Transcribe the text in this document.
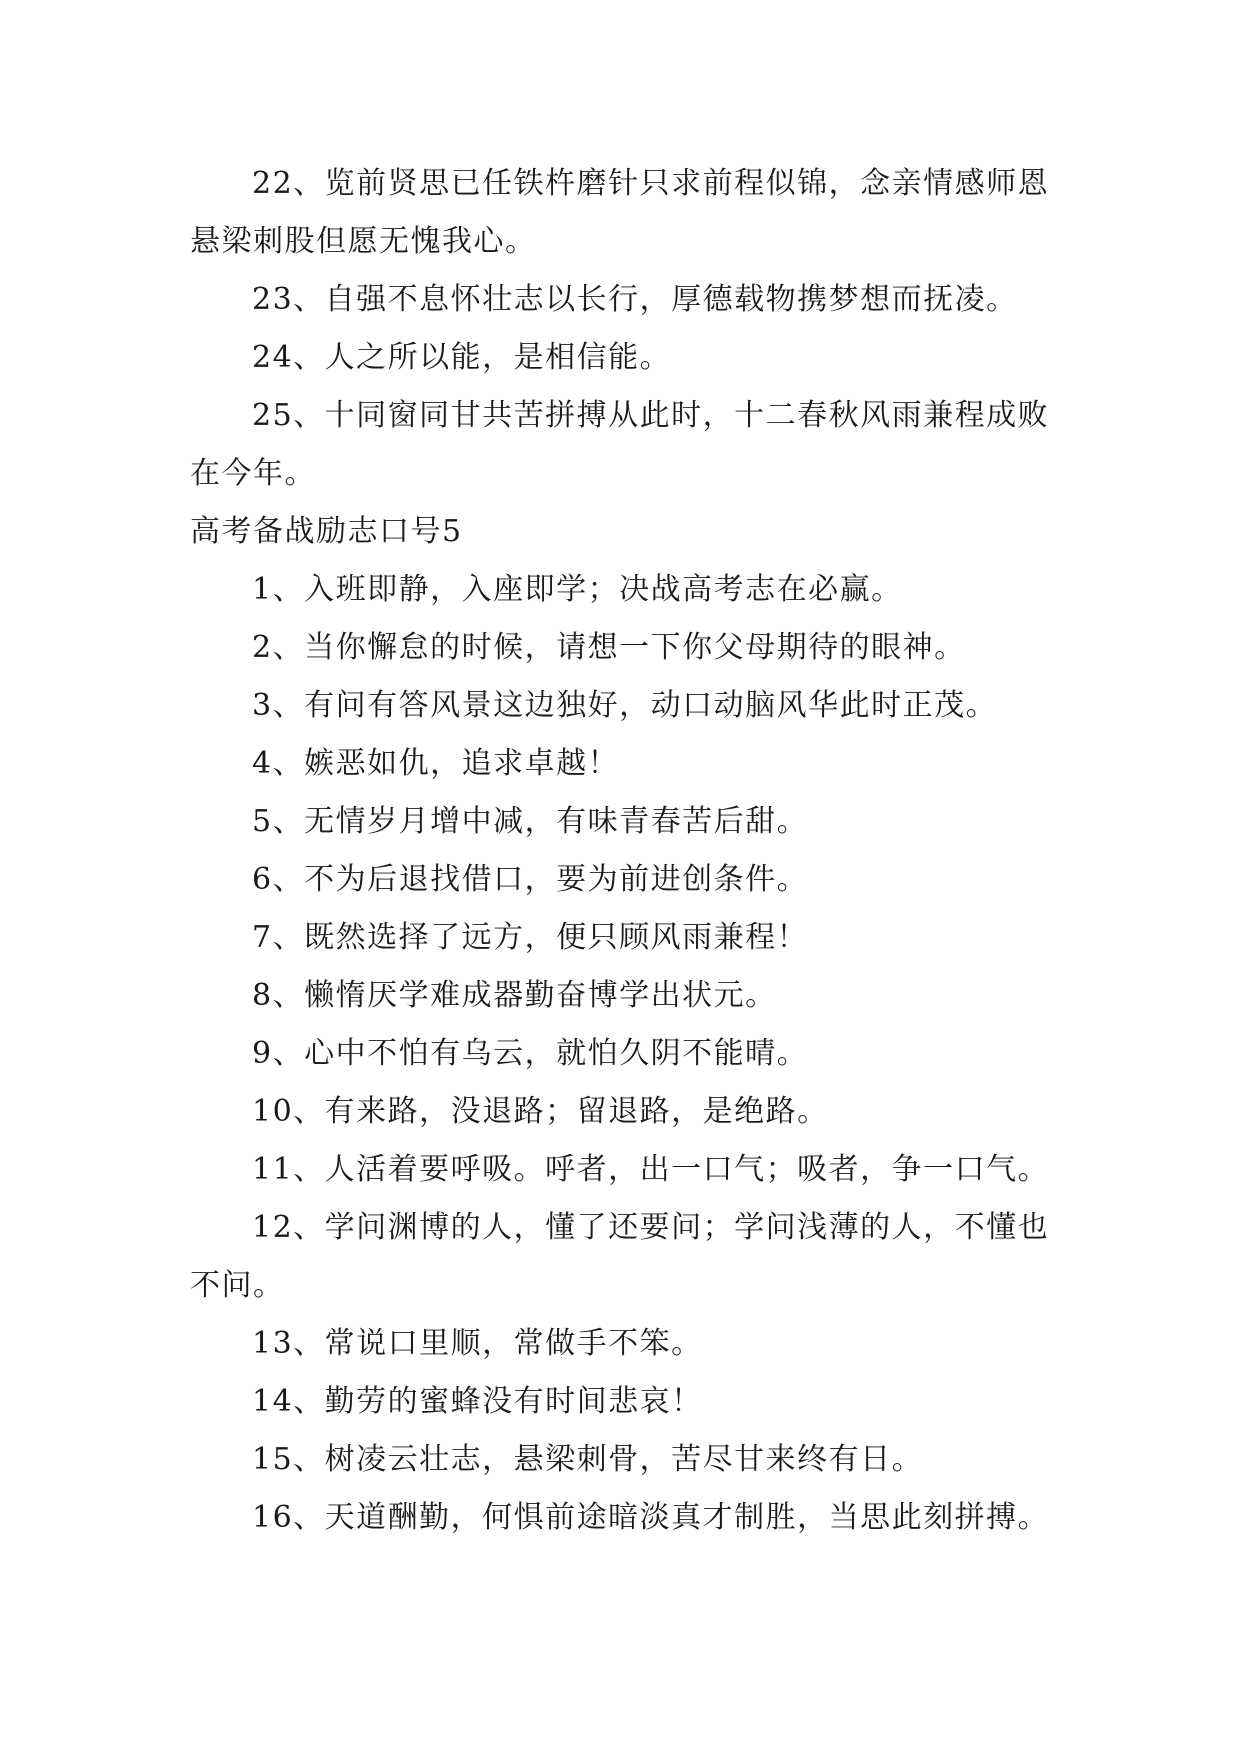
22、览前贤思已任铁杵磨针只求前程似锦，念亲情感师恩悬梁刺股但愿无愧我心。

23、自强不息怀壮志以长行，厚德载物携梦想而抚凌。

24、人之所以能，是相信能。

25、十同窗同甘共苦拼搏从此时，十二春秋风雨兼程成败在今年。

高考备战励志口号5

1、入班即静，入座即学；决战高考志在必赢。

2、当你懈怠的时候，请想一下你父母期待的眼神。

3、有问有答风景这边独好，动口动脑风华此时正茂。

4、嫉恶如仇，追求卓越！

5、无情岁月增中减，有味青春苦后甜。

6、不为后退找借口，要为前进创条件。

7、既然选择了远方，便只顾风雨兼程！

8、懒惰厌学难成器勤奋博学出状元。

9、心中不怕有乌云，就怕久阴不能晴。

10、有来路，没退路；留退路，是绝路。

11、人活着要呼吸。呼者，出一口气；吸者，争一口气。

12、学问渊博的人，懂了还要问；学问浅薄的人，不懂也不问。

13、常说口里顺，常做手不笨。

14、勤劳的蜜蜂没有时间悲哀！

15、树凌云壮志，悬梁刺骨，苦尽甘来终有日。

16、天道酬勤，何惧前途暗淡真才制胜，当思此刻拼搏。
